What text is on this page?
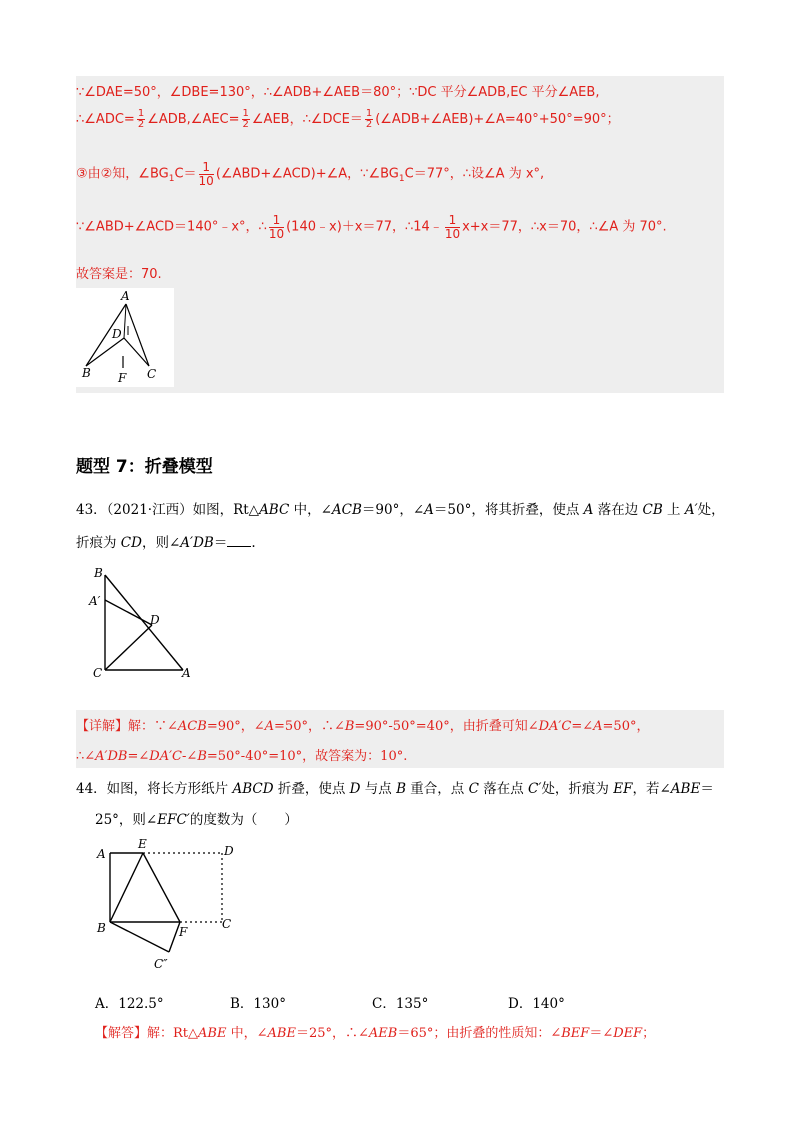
∵∠DAE=50°，∠DBE=130°，∴∠ADB+∠AEB＝80°；∵DC 平分∠ADB,EC 平分∠AEB,
∴∠ADC= $\frac{1}{2}$ ∠ADB,∠AEC= $\frac{1}{2}$ ∠AEB，∴∠DCE＝ $\frac{1}{2}$ (∠ADB+∠AEB)+∠A=40°+50°=90°；
③由②知，$\angle BG_1C= \frac{1}{10}$ (∠ABD+∠ACD)+∠A，$\because\angle BG_1C=77^\circ$，∴设∠A 为 x°,
∵∠ABD+∠ACD＝140°﹣x°，∴ $\frac{1}{10}$ (140﹣x)＋x＝77，∴14﹣ $\frac{1}{10} x+x=77$，∴x＝70，∴∠A 为 70°.
故答案是：70.
A
D
B F C
题型 7：折叠模型
43．（2021·江西）如图，Rt△ABC 中，∠ACB＝90°，∠A＝50°，将其折叠，使点 A 落在边 CB 上 A′处，
折痕为 CD，则∠A′DB＝ .
B
A′
D
C	A
【详解】解：∵∠ACB=90°，∠A=50°，∴∠B=90°-50°=40°，由折叠可知∠DA′C=∠A=50°，
∴∠A′DB=∠DA′C-∠B=50°-40°=10°，故答案为：10°.
44．如图，将长方形纸片 ABCD 折叠，使点 D 与点 B 重合，点 C 落在点 C′处，折痕为 EF，若∠ABE＝
25°，则∠EFC′的度数为（　　）
A
E	D
B	F
C
C″
A．122.5°	B．130°	C．135°	D．140°
【解答】解：Rt△ABE 中，∠ABE＝25°，∴∠AEB＝65°；由折叠的性质知：∠BEF＝∠DEF；
